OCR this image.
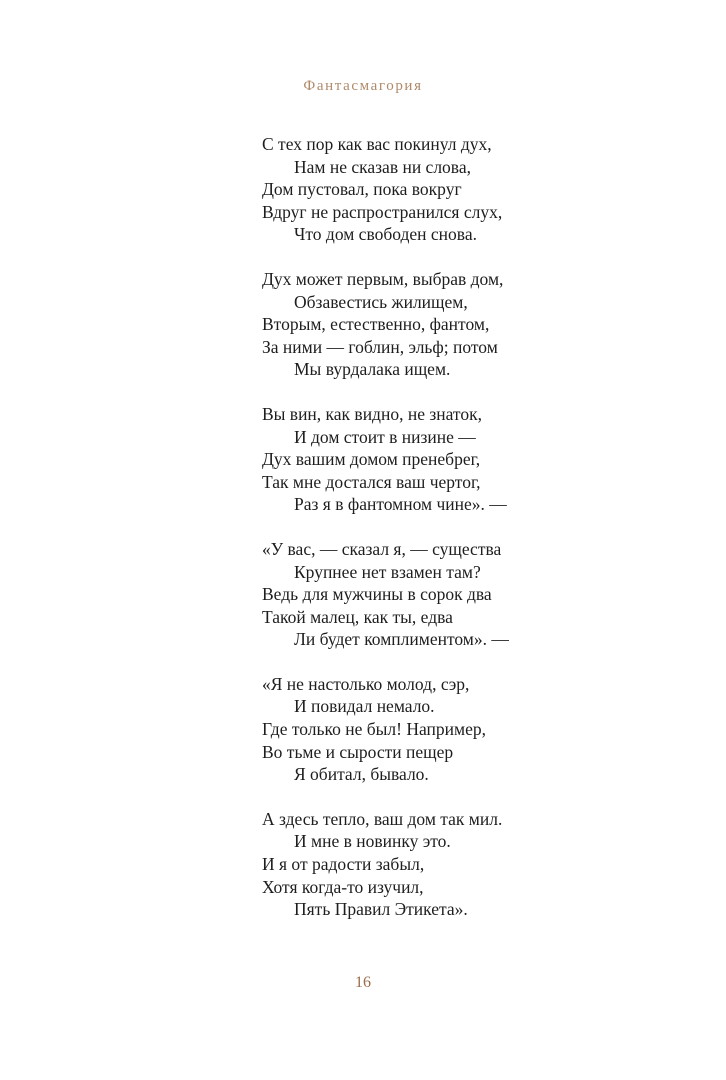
Фантасмагория
С тех пор как вас покинул дух,
Нам не сказав ни слова,
Дом пустовал, пока вокруг
Вдруг не распространился слух,
Что дом свободен снова.
Дух может первым, выбрав дом,
Обзавестись жилищем,
Вторым, естественно, фантом,
За ними — гоблин, эльф; потом
Мы вурдалака ищем.
Вы вин, как видно, не знаток,
И дом стоит в низине —
Дух вашим домом пренебрег,
Так мне достался ваш чертог,
Раз я в фантомном чине». —
«У вас, — сказал я, — существа
Крупнее нет взамен там?
Ведь для мужчины в сорок два
Такой малец, как ты, едва
Ли будет комплиментом». —
«Я не настолько молод, сэр,
И повидал немало.
Где только не был! Например,
Во тьме и сырости пещер
Я обитал, бывало.
А здесь тепло, ваш дом так мил.
И мне в новинку это.
И я от радости забыл,
Хотя когда-то изучил,
Пять Правил Этикета».
16
